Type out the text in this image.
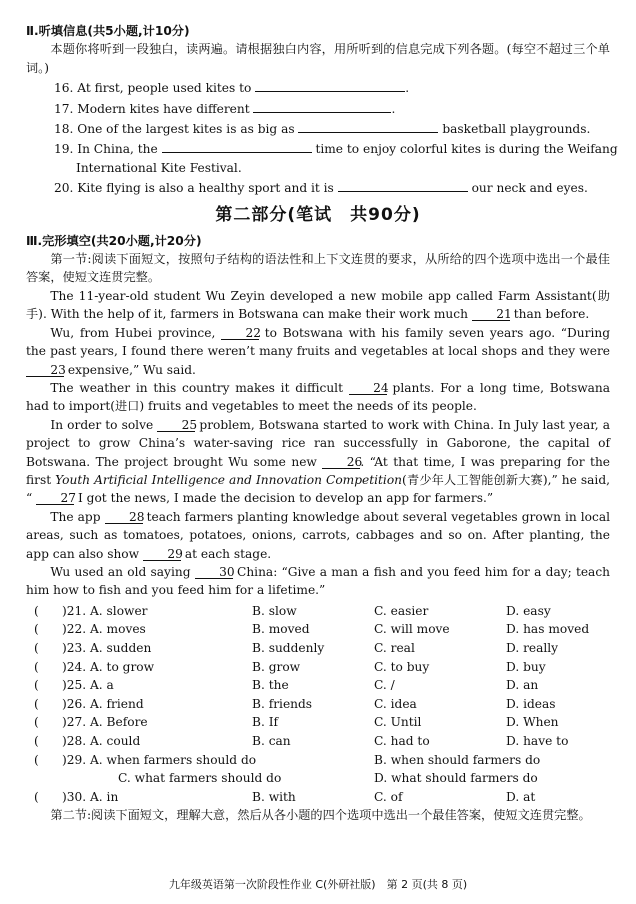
Ⅱ.听填信息(共5小题,计10分)

本题你将听到一段独白，读两遍。请根据独白内容，用所听到的信息完成下列各题。(每空不超过三个单词。)

16. At first, people used kites to	.

17. Modern kites have different	.

18. One of the largest kites is as big as	basketball playgrounds.

19. In China, the	time to enjoy colorful kites is during the Weifang

International Kite Festival.

20. Kite flying is also a healthy sport and it is	our neck and eyes.

第二部分(笔试　共90分)
Ⅲ.完形填空(共20小题,计20分)

第一节:阅读下面短文，按照句子结构的语法性和上下文连贯的要求，从所给的四个选项中选出一个最佳答案，使短文连贯完整。

The 11-year-old student Wu Zeyin developed a new mobile app called Farm Assistant(助手). With the help of it, farmers in Botswana can make their work much 21 than before.

Wu, from Hubei province, 22 to Botswana with his family seven years ago. “During the past years, I found there weren’t many fruits and vegetables at local shops and they were 23 expensive,” Wu said.

The weather in this country makes it difficult 24 plants. For a long time, Botswana had to import(进口) fruits and vegetables to meet the needs of its people.

In order to solve 25 problem, Botswana started to work with China. In July last year, a project to grow China’s water-saving rice ran successfully in Gaborone, the capital of Botswana. The project brought Wu some new 26. “At that time, I was preparing for the first Youth Artificial Intelligence and Innovation Competition(青少年人工智能创新大赛),” he said, “ 27 I got the news, I made the decision to develop an app for farmers.”

The app 28 teach farmers planting knowledge about several vegetables grown in local areas, such as tomatoes, potatoes, onions, carrots, cabbages and so on. After planting, the app can also show 29 at each stage.

Wu used an old saying 30 China: “Give a man a fish and you feed him for a day; teach him how to fish and you feed him for a lifetime.”

( )21. A. slower	B. slow	C. easier	D. easy
( )22. A. moves	B. moved	C. will move	D. has moved
( )23. A. sudden	B. suddenly	C. real	D. really
( )24. A. to grow	B. grow	C. to buy	D. buy
( )25. A. a	B. the	C. /	D. an
( )26. A. friend	B. friends	C. idea	D. ideas
( )27. A. Before	B. If	C. Until	D. When
( )28. A. could	B. can	C. had to	D. have to
( )29. A. when farmers should do	B. when should farmers do
C. what farmers should do	D. what should farmers do
( )30. A. in	B. with	C. of	D. at

第二节:阅读下面短文，理解大意，然后从各小题的四个选项中选出一个最佳答案，使短文连贯完整。

九年级英语第一次阶段性作业 C(外研社版)　第 2 页(共 8 页)
